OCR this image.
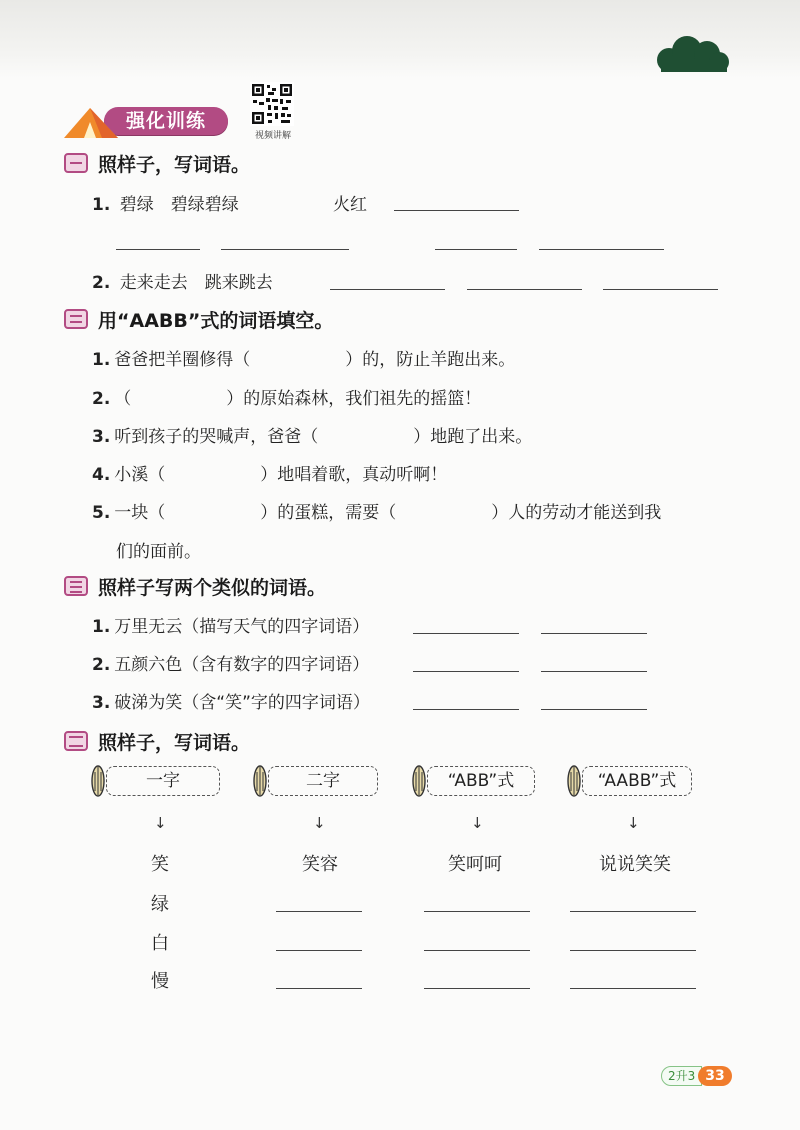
强化训练
视频讲解
照样子，写词语。
1. 碧绿　碧绿碧绿	火红
2. 走来走去　跳来跳去
用“AABB”式的词语填空。
1. 爸爸把羊圈修得（	）的，防止羊跑出来。
2. （	）的原始森林，我们祖先的摇篮！
3. 听到孩子的哭喊声，爸爸（	）地跑了出来。
4. 小溪（	）地唱着歌，真动听啊！
5. 一块（	）的蛋糕，需要（	）人的劳动才能送到我
们的面前。
照样子写两个类似的词语。
1. 万里无云（描写天气的四字词语）
2. 五颜六色（含有数字的四字词语）
3. 破涕为笑（含“笑”字的四字词语）
照样子，写词语。
一字	二字	“ABB”式	“AABB”式
↓	↓	↓	↓
笑	笑容	笑呵呵	说说笑笑
绿
白
慢
2升3 33
